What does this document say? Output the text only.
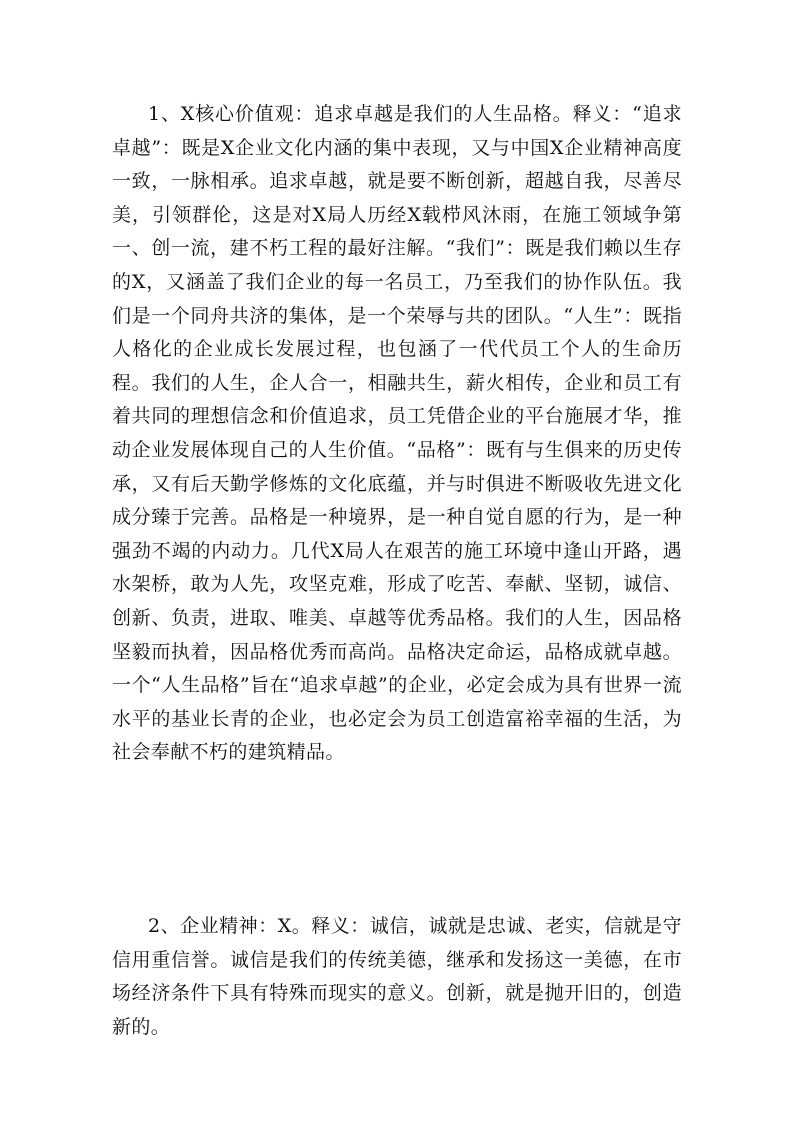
1、X核心价值观：追求卓越是我们的人生品格。释义：“追求卓越”：既是X企业文化内涵的集中表现，又与中国X企业精神高度一致，一脉相承。追求卓越，就是要不断创新，超越自我，尽善尽美，引领群伦，这是对X局人历经X载栉风沐雨，在施工领域争第一、创一流，建不朽工程的最好注解。“我们”：既是我们赖以生存的X，又涵盖了我们企业的每一名员工，乃至我们的协作队伍。我们是一个同舟共济的集体，是一个荣辱与共的团队。“人生”：既指人格化的企业成长发展过程，也包涵了一代代员工个人的生命历程。我们的人生，企人合一，相融共生，薪火相传，企业和员工有着共同的理想信念和价值追求，员工凭借企业的平台施展才华，推动企业发展体现自己的人生价值。“品格”：既有与生俱来的历史传承，又有后天勤学修炼的文化底蕴，并与时俱进不断吸收先进文化成分臻于完善。品格是一种境界，是一种自觉自愿的行为，是一种强劲不竭的内动力。几代X局人在艰苦的施工环境中逢山开路，遇水架桥，敢为人先，攻坚克难，形成了吃苦、奉献、坚韧，诚信、创新、负责，进取、唯美、卓越等优秀品格。我们的人生，因品格坚毅而执着，因品格优秀而高尚。品格决定命运，品格成就卓越。一个“人生品格”旨在“追求卓越”的企业，必定会成为具有世界一流水平的基业长青的企业，也必定会为员工创造富裕幸福的生活，为社会奉献不朽的建筑精品。

2、企业精神：X。释义：诚信，诚就是忠诚、老实，信就是守信用重信誉。诚信是我们的传统美德，继承和发扬这一美德，在市场经济条件下具有特殊而现实的意义。创新，就是抛开旧的，创造新的。
